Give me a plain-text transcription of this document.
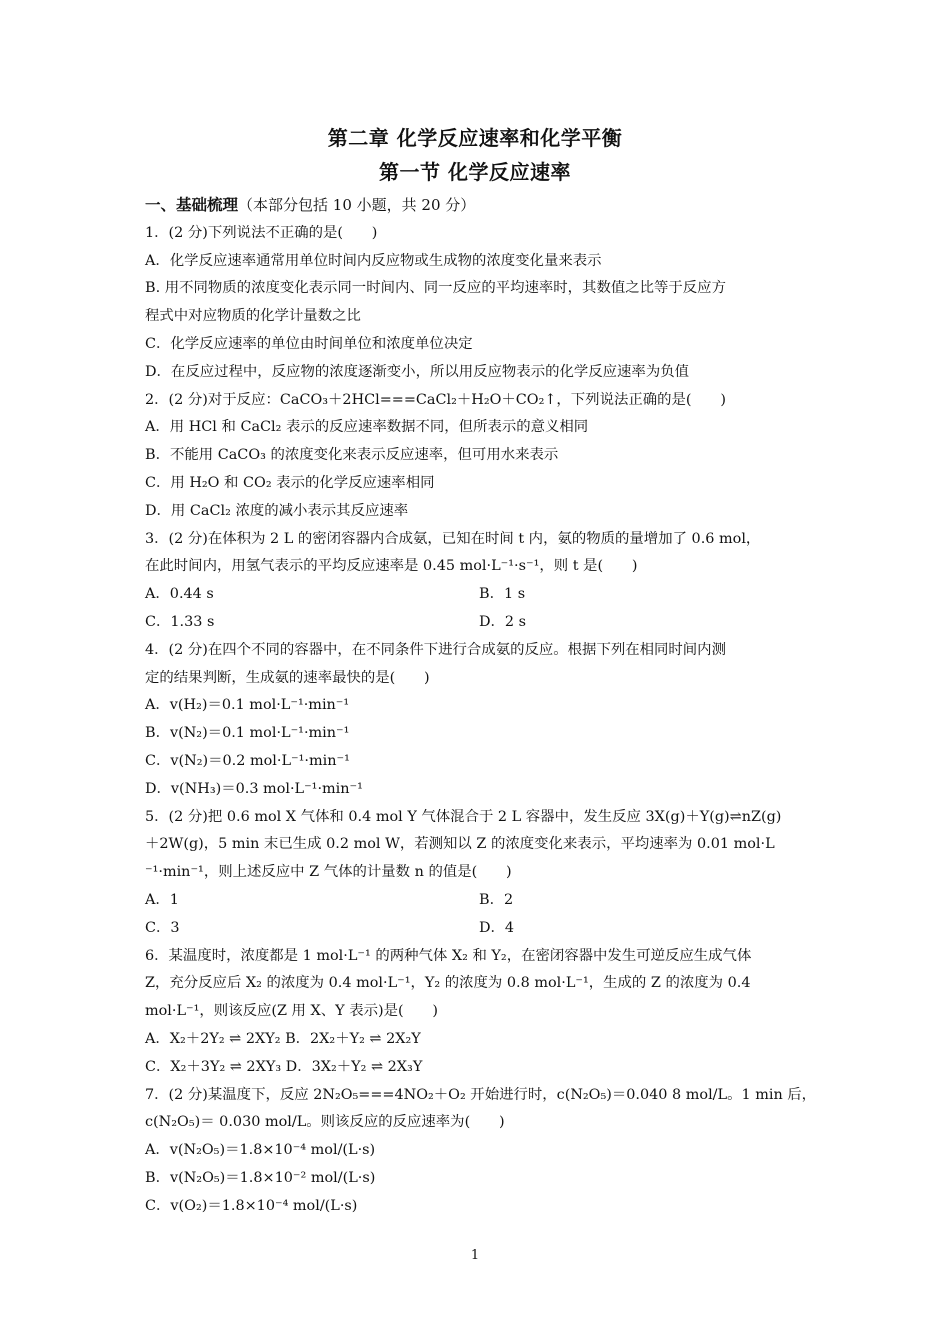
第二章 化学反应速率和化学平衡
第一节 化学反应速率
一、基础梳理（本部分包括 10 小题，共 20 分）
1．(2 分)下列说法不正确的是(　　)
A．化学反应速率通常用单位时间内反应物或生成物的浓度变化量来表示
B. 用不同物质的浓度变化表示同一时间内、同一反应的平均速率时，其数值之比等于反应方
程式中对应物质的化学计量数之比
C．化学反应速率的单位由时间单位和浓度单位决定
D．在反应过程中，反应物的浓度逐渐变小，所以用反应物表示的化学反应速率为负值
2．(2 分)对于反应：CaCO₃＋2HCl===CaCl₂＋H₂O＋CO₂↑，下列说法正确的是(　　)
A．用 HCl 和 CaCl₂ 表示的反应速率数据不同，但所表示的意义相同
B．不能用 CaCO₃ 的浓度变化来表示反应速率，但可用水来表示
C．用 H₂O 和 CO₂ 表示的化学反应速率相同
D．用 CaCl₂ 浓度的减小表示其反应速率
3．(2 分)在体积为 2 L 的密闭容器内合成氨，已知在时间 t 内，氨的物质的量增加了 0.6 mol，
在此时间内，用氢气表示的平均反应速率是 0.45 mol·L⁻¹·s⁻¹，则 t 是(　　)
A．0.44 s	B．1 s
C．1.33 s	D．2 s
4．(2 分)在四个不同的容器中，在不同条件下进行合成氨的反应。根据下列在相同时间内测
定的结果判断，生成氨的速率最快的是(　　)
A．v(H₂)＝0.1 mol·L⁻¹·min⁻¹
B．v(N₂)＝0.1 mol·L⁻¹·min⁻¹
C．v(N₂)＝0.2 mol·L⁻¹·min⁻¹
D．v(NH₃)＝0.3 mol·L⁻¹·min⁻¹
5．(2 分)把 0.6 mol X 气体和 0.4 mol Y 气体混合于 2 L 容器中，发生反应 3X(g)＋Y(g)⇌nZ(g)
＋2W(g)，5 min 末已生成 0.2 mol W，若测知以 Z 的浓度变化来表示，平均速率为 0.01 mol·L
⁻¹·min⁻¹，则上述反应中 Z 气体的计量数 n 的值是(　　)
A．1	B．2
C．3	D．4
6．某温度时，浓度都是 1 mol·L⁻¹ 的两种气体 X₂ 和 Y₂，在密闭容器中发生可逆反应生成气体
Z，充分反应后 X₂ 的浓度为 0.4 mol·L⁻¹，Y₂ 的浓度为 0.8 mol·L⁻¹，生成的 Z 的浓度为 0.4
mol·L⁻¹，则该反应(Z 用 X、Y 表示)是(　　)
A．X₂＋2Y₂ ⇌ 2XY₂ B．2X₂＋Y₂ ⇌ 2X₂Y
C．X₂＋3Y₂ ⇌ 2XY₃ D．3X₂＋Y₂ ⇌ 2X₃Y
7．(2 分)某温度下，反应 2N₂O₅===4NO₂＋O₂ 开始进行时，c(N₂O₅)＝0.040 8 mol/L。1 min 后，
c(N₂O₅)＝ 0.030 mol/L。则该反应的反应速率为(　　)
A．v(N₂O₅)＝1.8×10⁻⁴ mol/(L·s)
B．v(N₂O₅)＝1.8×10⁻² mol/(L·s)
C．v(O₂)＝1.8×10⁻⁴ mol/(L·s)
1
